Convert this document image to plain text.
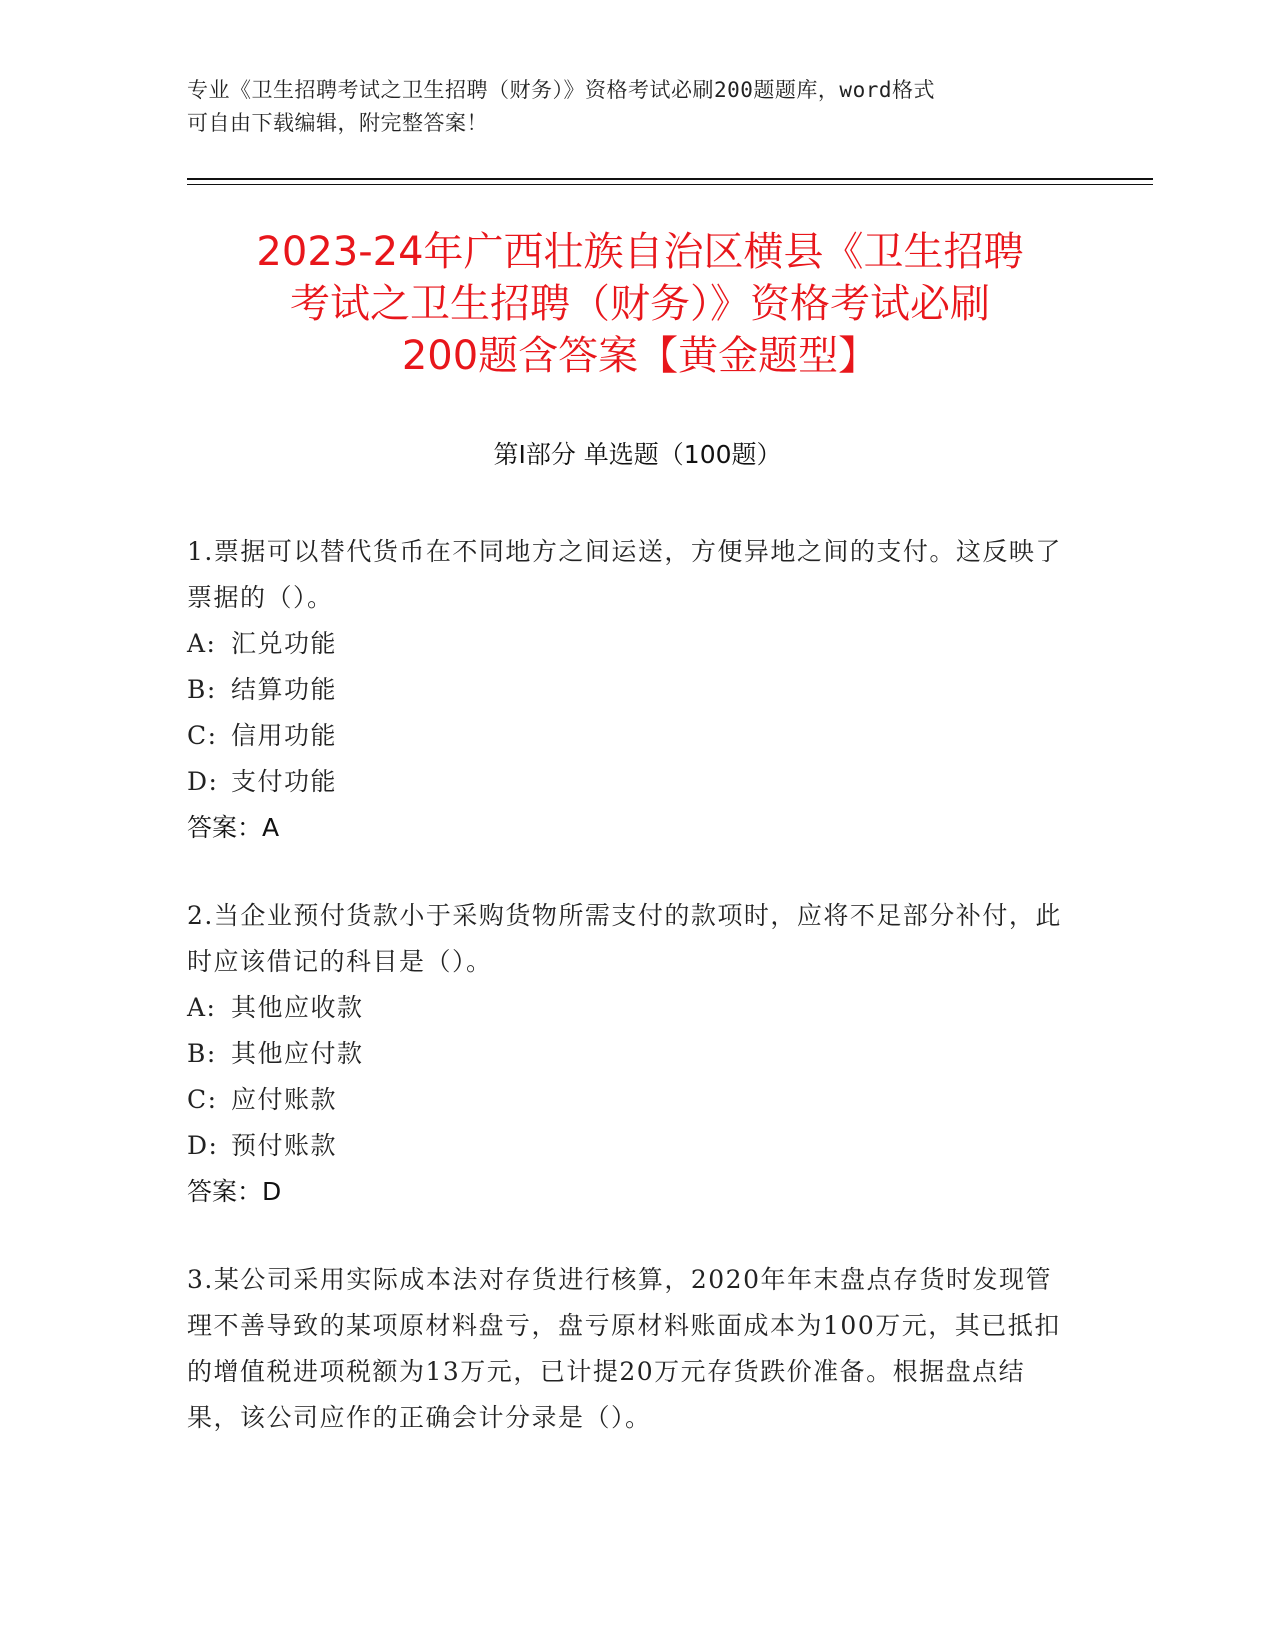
专业《卫生招聘考试之卫生招聘（财务）》资格考试必刷200题题库，word格式
可自由下载编辑，附完整答案！
2023-24年广西壮族自治区横县《卫生招聘
考试之卫生招聘（财务）》资格考试必刷
200题含答案【黄金题型】
第Ⅰ部分 单选题（100题）
1.票据可以替代货币在不同地方之间运送，方便异地之间的支付。这反映了票据的（）。
A: 汇兑功能
B: 结算功能
C: 信用功能
D: 支付功能
答案：A
2.当企业预付货款小于采购货物所需支付的款项时，应将不足部分补付，此时应该借记的科目是（）。
A: 其他应收款
B: 其他应付款
C: 应付账款
D: 预付账款
答案：D
3.某公司采用实际成本法对存货进行核算，2020年年末盘点存货时发现管理不善导致的某项原材料盘亏，盘亏原材料账面成本为100万元，其已抵扣的增值税进项税额为13万元，已计提20万元存货跌价准备。根据盘点结果，该公司应作的正确会计分录是（）。
